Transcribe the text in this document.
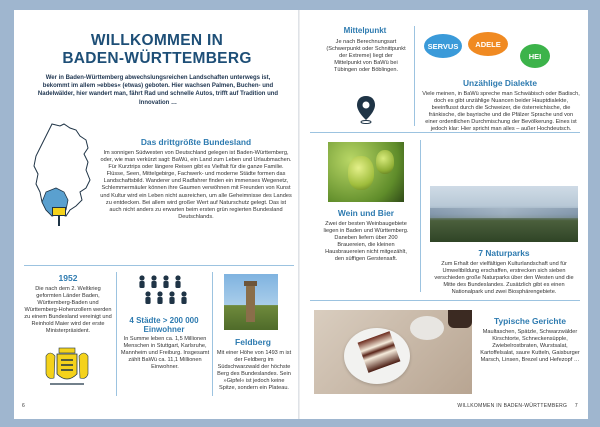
WILLKOMMEN IN
BADEN-WÜRTTEMBERG
Wer in Baden-Württemberg abwechslungsreichen Landschaften unterwegs ist, bekommt im allem »ebbes« (etwas) geboten. Hier wachsen Palmen, Buchen- und Nadelwälder, hier wandert man, fährt Rad und schnelle Autos, trifft auf Tradition und Innovation …
Das drittgrößte Bundesland
Im sonnigen Südwesten von Deutschland gelegen ist Baden-Württemberg, oder, wie man verkürzt sagt: BaWü, ein Land zum Leben und Urlaubmachen. Für Kurztrips oder längere Reisen gibt es Vielfalt für die ganze Familie. Flüsse, Seen, Mittelgebirge, Fachwerk- und moderne Städte formen das Landschaftsbild. Wanderer und Radfahrer finden ein immenses Wegenetz, Schlemmermäuler können ihre Gaumen verwöhnen mit Freunden von Kunst und Kultur wird ein Leben nicht ausreichen, um alle Geheimnisse des Landes zu entdecken. Bei allem wird großer Wert auf Naturschutz gelegt. Das ist auch nicht anders zu erwarten beim ersten grün regierten Bundesland Deutschlands.
1952
Die nach dem 2. Weltkrieg geformten Länder Baden, Württemberg-Baden und Württemberg-Hohenzollern werden zu einem Bundesland vereinigt und Reinhold Maier wird der erste Ministerpräsident.
4 Städte > 200 000
Einwohner
In Summe leben ca. 1,5 Millionen Menschen in Stuttgart, Karlsruhe, Mannheim und Freiburg. Insgesamt zählt BaWü ca. 11,1 Millionen Einwohner.
Feldberg
Mit einer Höhe von 1493 m ist der Feldberg im Südschwarzwald der höchste Berg des Bundeslandes. Sein »Gipfel« ist jedoch keine Spitze, sondern ein Plateau.
6
Mittelpunkt
Je nach Berechnungsart (Schwerpunkt oder Schnittpunkt der Extreme) liegt der Mittelpunkt von BaWü bei Tübingen oder Böblingen.
SERVUS	ADELE
HEI
Unzählige Dialekte
Viele meinen, in BaWü spreche man Schwäbisch oder Badisch, doch es gibt unzählige Nuancen beider Hauptdialekte, beeinflusst durch die Schweizer, die österreichische, die fränkische, die bayrische und die Pfälzer Sprache und von einer ordentlichen Durchmischung der Bevölkerung. Eines ist jedoch klar: Hier spricht man alles – außer Hochdeutsch.
Wein und Bier
Zwei der besten Weinbaugebiete liegen in Baden und Württemberg. Daneben liefern über 200 Brauereien, die kleinen Hausbrauereien nicht mitgezählt, den süffigen Gerstensaft.
7 Naturparks
Zum Erhalt der vielfältigen Kulturlandschaft und für Umweltbildung erschaffen, erstrecken sich sieben verschieden große Naturparks über den Westen und die Mitte des Bundeslandes. Zusätzlich gibt es einen Nationalpark und zwei Biosphärengebiete.
Typische Gerichte
Maultaschen, Spätzle, Schwarzwälder Kirschtorte, Schneckensüpple, Zwiebelrostbraten, Wurstsalat, Kartoffelsalat, saure Kutteln, Gaisburger Marsch, Linsen, Brezel und Hefezopf …
WILLKOMMEN IN BADEN-WÜRTTEMBERG 7
